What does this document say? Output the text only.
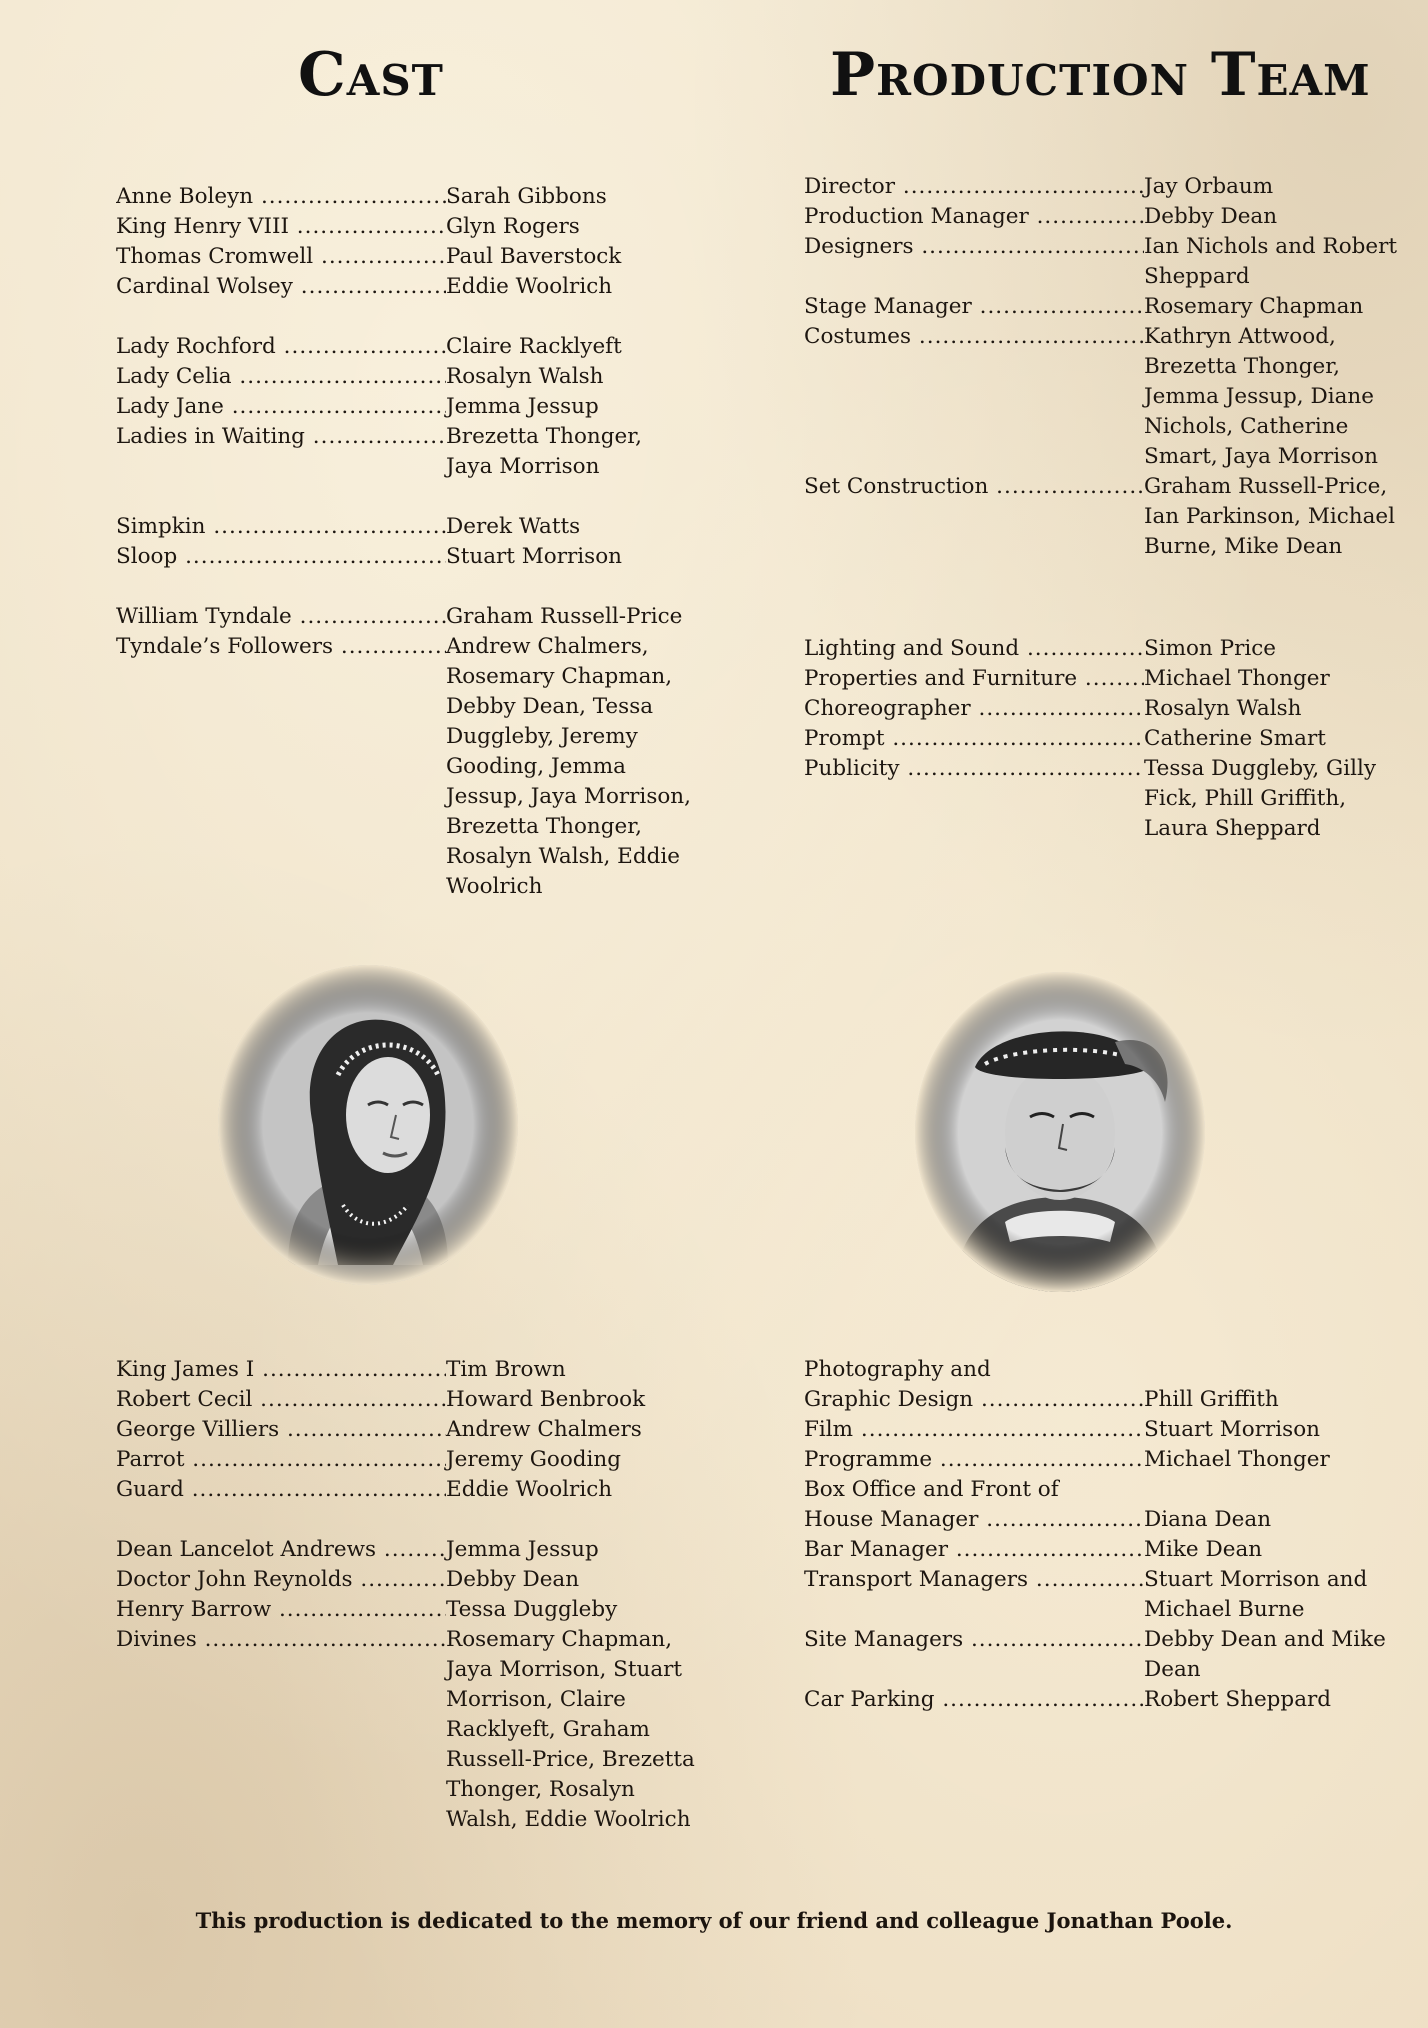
Cast	Production Team
Anne Boleyn .....	Sarah Gibbons
King Henry VIII .....	Glyn Rogers
Thomas Cromwell .....	Paul Baverstock
Cardinal Wolsey .....	Eddie Woolrich
Lady Rochford .....	Claire Racklyeft
Lady Celia .....	Rosalyn Walsh
Lady Jane .....	Jemma Jessup
Ladies in Waiting .....	Brezetta Thonger,
Jaya Morrison
Simpkin .....	Derek Watts
Sloop .....	Stuart Morrison
William Tyndale .....	Graham Russell-Price
Tyndale’s Followers .....	Andrew Chalmers,
Rosemary Chapman,
Debby Dean, Tessa
Duggleby, Jeremy
Gooding, Jemma
Jessup, Jaya Morrison,
Brezetta Thonger,
Rosalyn Walsh, Eddie
Woolrich
King James I .....	Tim Brown
Robert Cecil .....	Howard Benbrook
George Villiers .....	Andrew Chalmers
Parrot .....	Jeremy Gooding
Guard .....	Eddie Woolrich
Dean Lancelot Andrews .....	Jemma Jessup
Doctor John Reynolds .....	Debby Dean
Henry Barrow .....	Tessa Duggleby
Divines .....	Rosemary Chapman,
Jaya Morrison, Stuart
Morrison, Claire
Racklyeft, Graham
Russell-Price, Brezetta
Thonger, Rosalyn
Walsh, Eddie Woolrich
Director .....	Jay Orbaum
Production Manager .....	Debby Dean
Designers .....	Ian Nichols and Robert
Sheppard
Stage Manager .....	Rosemary Chapman
Costumes .....	Kathryn Attwood,
Brezetta Thonger,
Jemma Jessup, Diane
Nichols, Catherine
Smart, Jaya Morrison
Set Construction .....	Graham Russell-Price,
Ian Parkinson, Michael
Burne, Mike Dean
Lighting and Sound .....	Simon Price
Properties and Furniture .....	Michael Thonger
Choreographer .....	Rosalyn Walsh
Prompt .....	Catherine Smart
Publicity .....	Tessa Duggleby, Gilly
Fick, Phill Griffith,
Laura Sheppard
Photography and
Graphic Design .....	Phill Griffith
Film .....	Stuart Morrison
Programme .....	Michael Thonger
Box Office and Front of
House Manager .....	Diana Dean
Bar Manager .....	Mike Dean
Transport Managers .....	Stuart Morrison and
Michael Burne
Site Managers .....	Debby Dean and Mike
Dean
Car Parking .....	Robert Sheppard
This production is dedicated to the memory of our friend and colleague Jonathan Poole.
